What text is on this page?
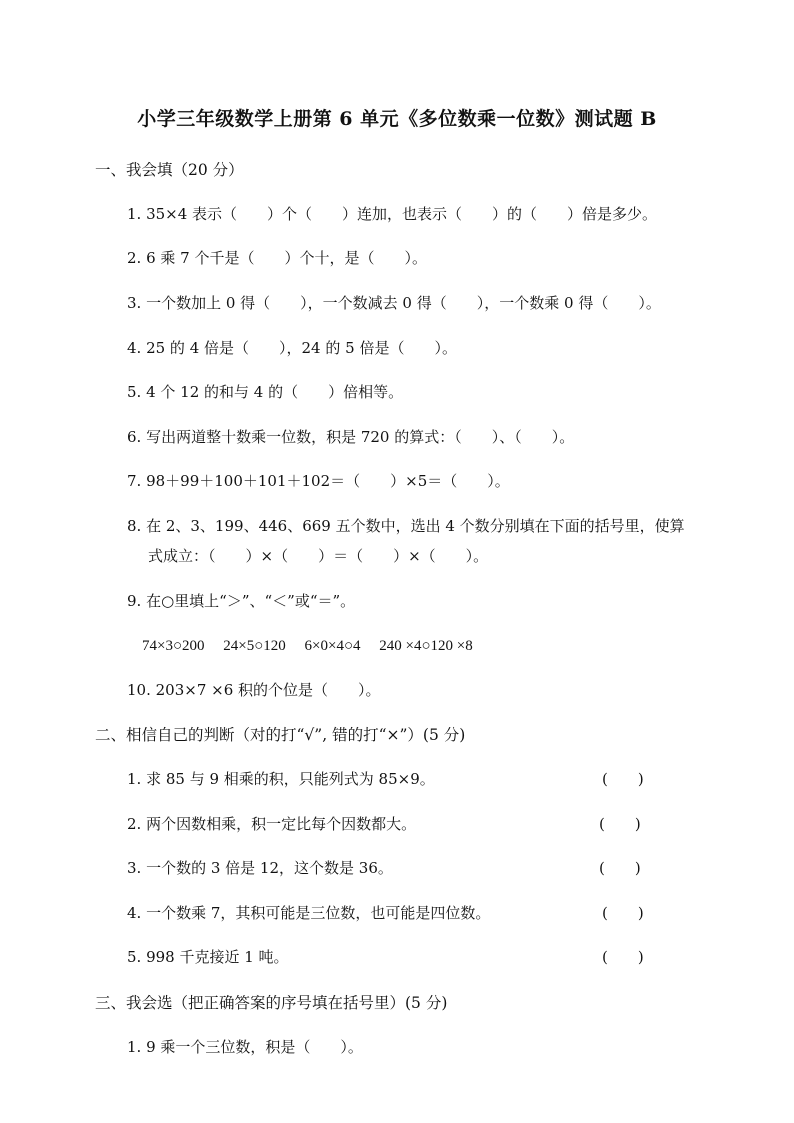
小学三年级数学上册第 6 单元《多位数乘一位数》测试题 B
一、我会填（20 分）
1. 35×4 表示（　　）个（　　）连加，也表示（　　）的（　　）倍是多少。
2. 6 乘 7 个千是（　　）个十，是（　　）。
3. 一个数加上 0 得（　　），一个数减去 0 得（　　），一个数乘 0 得（　　）。
4. 25 的 4 倍是（　　），24 的 5 倍是（　　）。
5. 4 个 12 的和与 4 的（　　）倍相等。
6. 写出两道整十数乘一位数，积是 720 的算式：（　　）、（　　）。
7. 98＋99＋100＋101＋102＝（　　）×5＝（　　）。
8. 在 2、3、199、446、669 五个数中，选出 4 个数分别填在下面的括号里，使算
式成立：（　　）×（　　）＝（　　）×（　　）。
9. 在○里填上“＞”、“＜”或“＝”。
74×3○200　 24×5○120　 6×0×4○4　 240 ×4○120 ×8
10. 203×7 ×6 积的个位是（　　）。
二、相信自己的判断（对的打“√”, 错的打“×”）(5 分)
1. 求 85 与 9 相乘的积，只能列式为 85×9。	(　　)
2. 两个因数相乘，积一定比每个因数都大。	(　　)
3. 一个数的 3 倍是 12，这个数是 36。	(　　)
4. 一个数乘 7，其积可能是三位数，也可能是四位数。	(　　)
5. 998 千克接近 1 吨。	(　　)
三、我会选（把正确答案的序号填在括号里）(5 分)
1. 9 乘一个三位数，积是（　　）。
